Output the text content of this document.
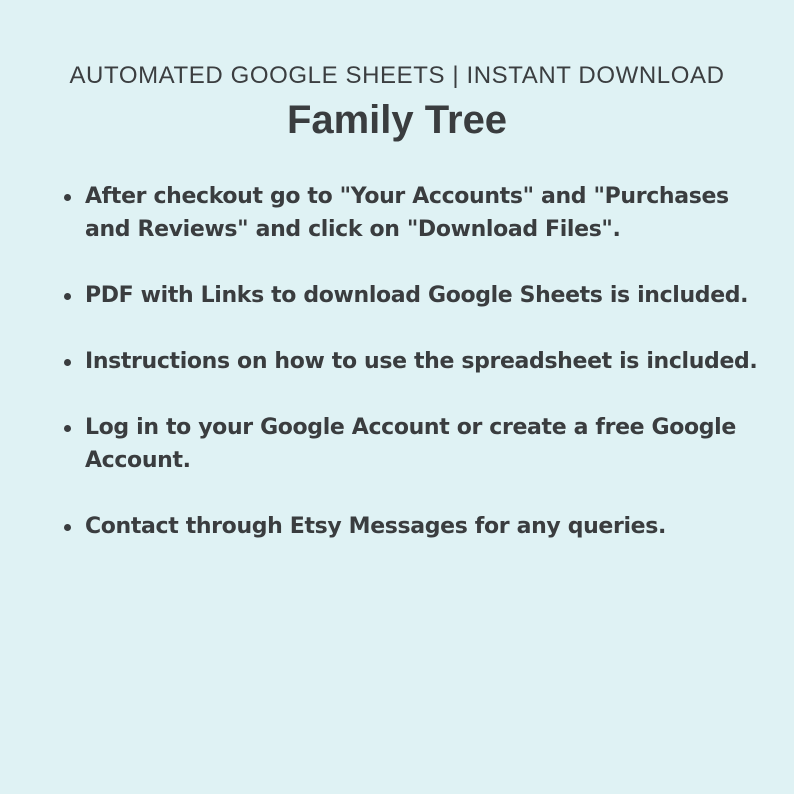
AUTOMATED GOOGLE SHEETS | INSTANT DOWNLOAD
Family Tree
After checkout go to "Your Accounts" and "Purchases and Reviews" and click on "Download Files".
PDF with Links to download Google Sheets is included.
Instructions on how to use the spreadsheet is included.
Log in to your Google Account or create a free Google Account.
Contact through Etsy Messages for any queries.
